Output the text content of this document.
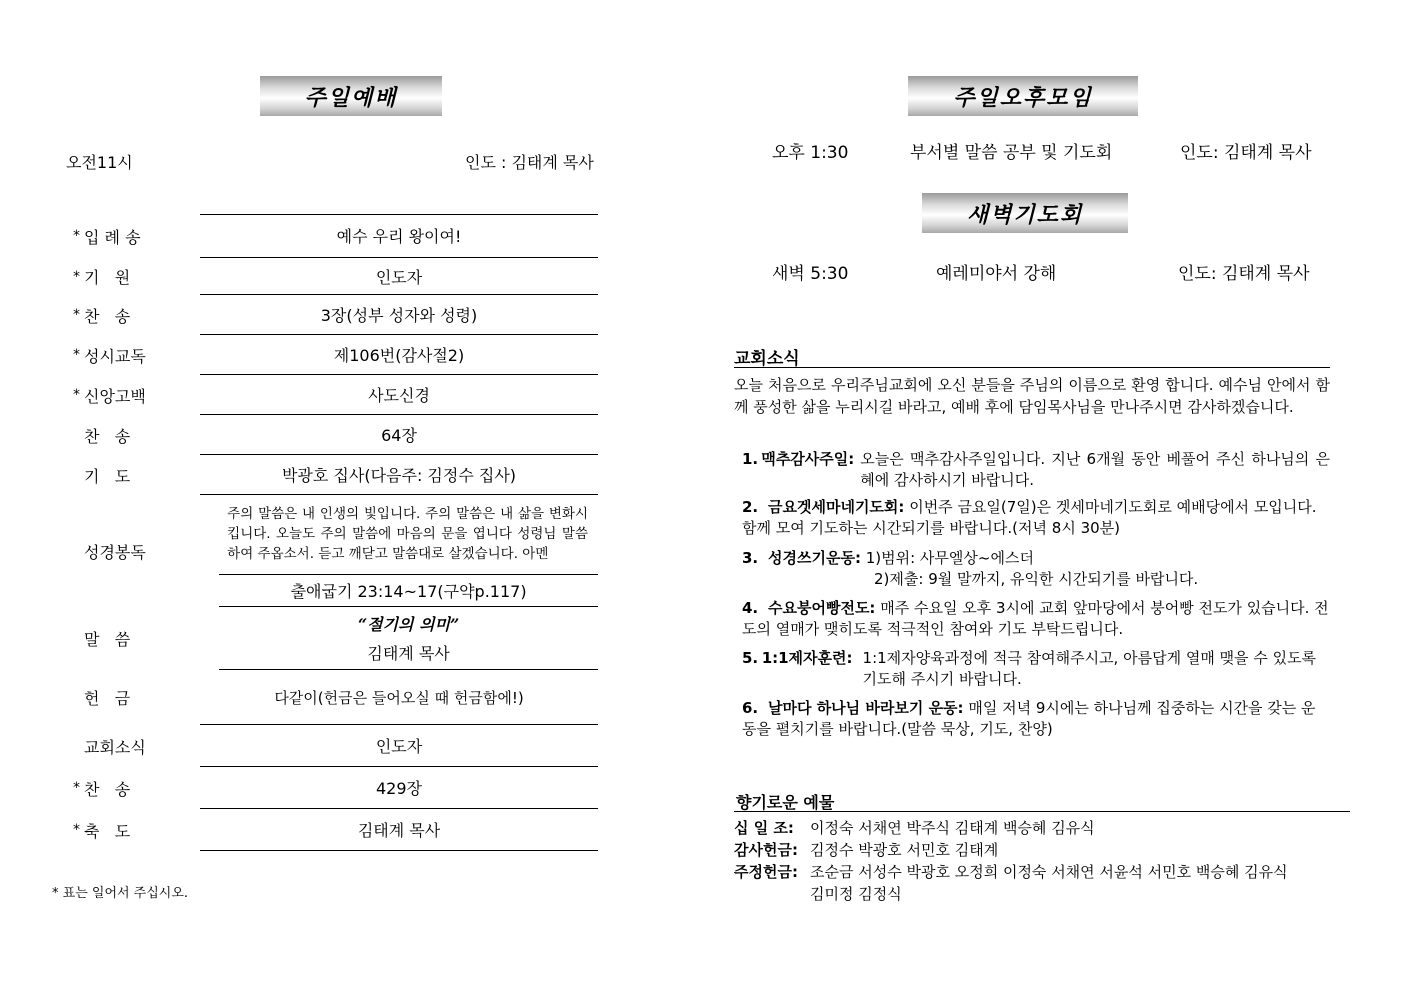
주일예배
오전11시	인도 : 김태계 목사
* 입 례 송	예수 우리 왕이여!
* 기   원	인도자
* 찬   송	3장(성부 성자와 성령)
* 성시교독	제106번(감사절2)
* 신앙고백	사도신경
찬   송	64장
기   도	박광호 집사(다음주: 김정수 집사)
성경봉독
주의 말씀은 내 인생의 빛입니다. 주의 말씀은 내 삶을 변화시킵니다. 오늘도 주의 말씀에 마음의 문을 엽니다 성령님 말씀하여 주옵소서. 듣고 깨닫고 말씀대로 살겠습니다. 아멘
출애굽기 23:14~17(구약p.117)
말   씀
“절기의 의미”
김태계 목사
헌   금	다같이(헌금은 들어오실 때 헌금함에!)
교회소식	인도자
* 찬   송	429장
* 축   도	김태계 목사
* 표는 일어서 주십시오.
주일오후모임
오후 1:30	부서별 말씀 공부 및 기도회	인도: 김태계 목사
새벽기도회
새벽 5:30	예레미야서 강해	인도: 김태계 목사
교회소식
오늘 처음으로 우리주님교회에 오신 분들을 주님의 이름으로 환영 합니다. 예수님 안에서 함께 풍성한 삶을 누리시길 바라고, 예배 후에 담임목사님을 만나주시면 감사하겠습니다.
1. 맥추감사주일: 오늘은 맥추감사주일입니다. 지난 6개월 동안 베풀어 주신 하나님의 은혜에 감사하시기 바랍니다.
2. 금요겟세마네기도회: 이번주 금요일(7일)은 겟세마네기도회로 예배당에서 모입니다. 함께 모여 기도하는 시간되기를 바랍니다.(저녁 8시 30분)
3. 성경쓰기운동: 1)범위: 사무엘상~에스더
2)제출: 9월 말까지, 유익한 시간되기를 바랍니다.
4. 수요붕어빵전도: 매주 수요일 오후 3시에 교회 앞마당에서 붕어빵 전도가 있습니다. 전도의 열매가 맺히도록 적극적인 참여와 기도 부탁드립니다.
5. 1:1제자훈련: 1:1제자양육과정에 적극 참여해주시고, 아름답게 열매 맺을 수 있도록 기도해 주시기 바랍니다.
6. 날마다 하나님 바라보기 운동: 매일 저녁 9시에는 하나님께 집중하는 시간을 갖는 운동을 펼치기를 바랍니다.(말씀 묵상, 기도, 찬양)
향기로운 예물
십 일 조: 이정숙 서채연 박주식 김태계 백승혜 김유식
감사헌금: 김정수 박광호 서민호 김태계
주정헌금: 조순금 서성수 박광호 오정희 이정숙 서채연 서윤석 서민호 백승혜 김유식
김미정 김정식
